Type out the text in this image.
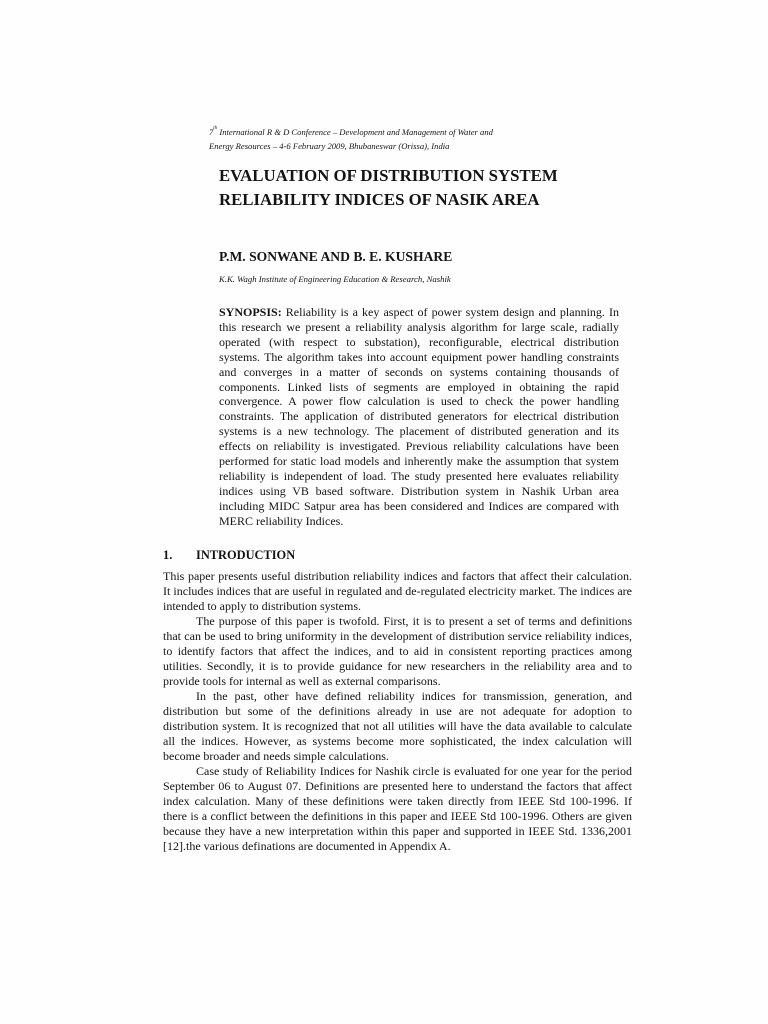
7th International R & D Conference – Development and Management of Water and
Energy Resources – 4-6 February 2009, Bhubaneswar (Orissa), India
EVALUATION OF DISTRIBUTION SYSTEM
RELIABILITY INDICES OF NASIK AREA
P.M. SONWANE AND B. E. KUSHARE
K.K. Wagh Institute of Engineering Education & Research, Nashik

SYNOPSIS: Reliability is a key aspect of power system design and planning. In this research we present a reliability analysis algorithm for large scale, radially operated (with respect to substation), reconfigurable, electrical distribution systems. The algorithm takes into account equipment power handling constraints and converges in a matter of seconds on systems containing thousands of components. Linked lists of segments are employed in obtaining the rapid convergence. A power flow calculation is used to check the power handling constraints. The application of distributed generators for electrical distribution systems is a new technology. The placement of distributed generation and its effects on reliability is investigated. Previous reliability calculations have been performed for static load models and inherently make the assumption that system reliability is independent of load. The study presented here evaluates reliability indices using VB based software. Distribution system in Nashik Urban area including MIDC Satpur area has been considered and Indices are compared with MERC reliability Indices.

1. INTRODUCTION

This paper presents useful distribution reliability indices and factors that affect their calculation. It includes indices that are useful in regulated and de-regulated electricity market. The indices are intended to apply to distribution systems.

The purpose of this paper is twofold. First, it is to present a set of terms and definitions that can be used to bring uniformity in the development of distribution service reliability indices, to identify factors that affect the indices, and to aid in consistent reporting practices among utilities. Secondly, it is to provide guidance for new researchers in the reliability area and to provide tools for internal as well as external comparisons.

In the past, other have defined reliability indices for transmission, generation, and distribution but some of the definitions already in use are not adequate for adoption to distribution system. It is recognized that not all utilities will have the data available to calculate all the indices. However, as systems become more sophisticated, the index calculation will become broader and needs simple calculations.

Case study of Reliability Indices for Nashik circle is evaluated for one year for the period September 06 to August 07. Definitions are presented here to understand the factors that affect index calculation. Many of these definitions were taken directly from IEEE Std 100-1996. If there is a conflict between the definitions in this paper and IEEE Std 100-1996. Others are given because they have a new interpretation within this paper and supported in IEEE Std. 1336,2001 [12].the various definations are documented in Appendix A.
